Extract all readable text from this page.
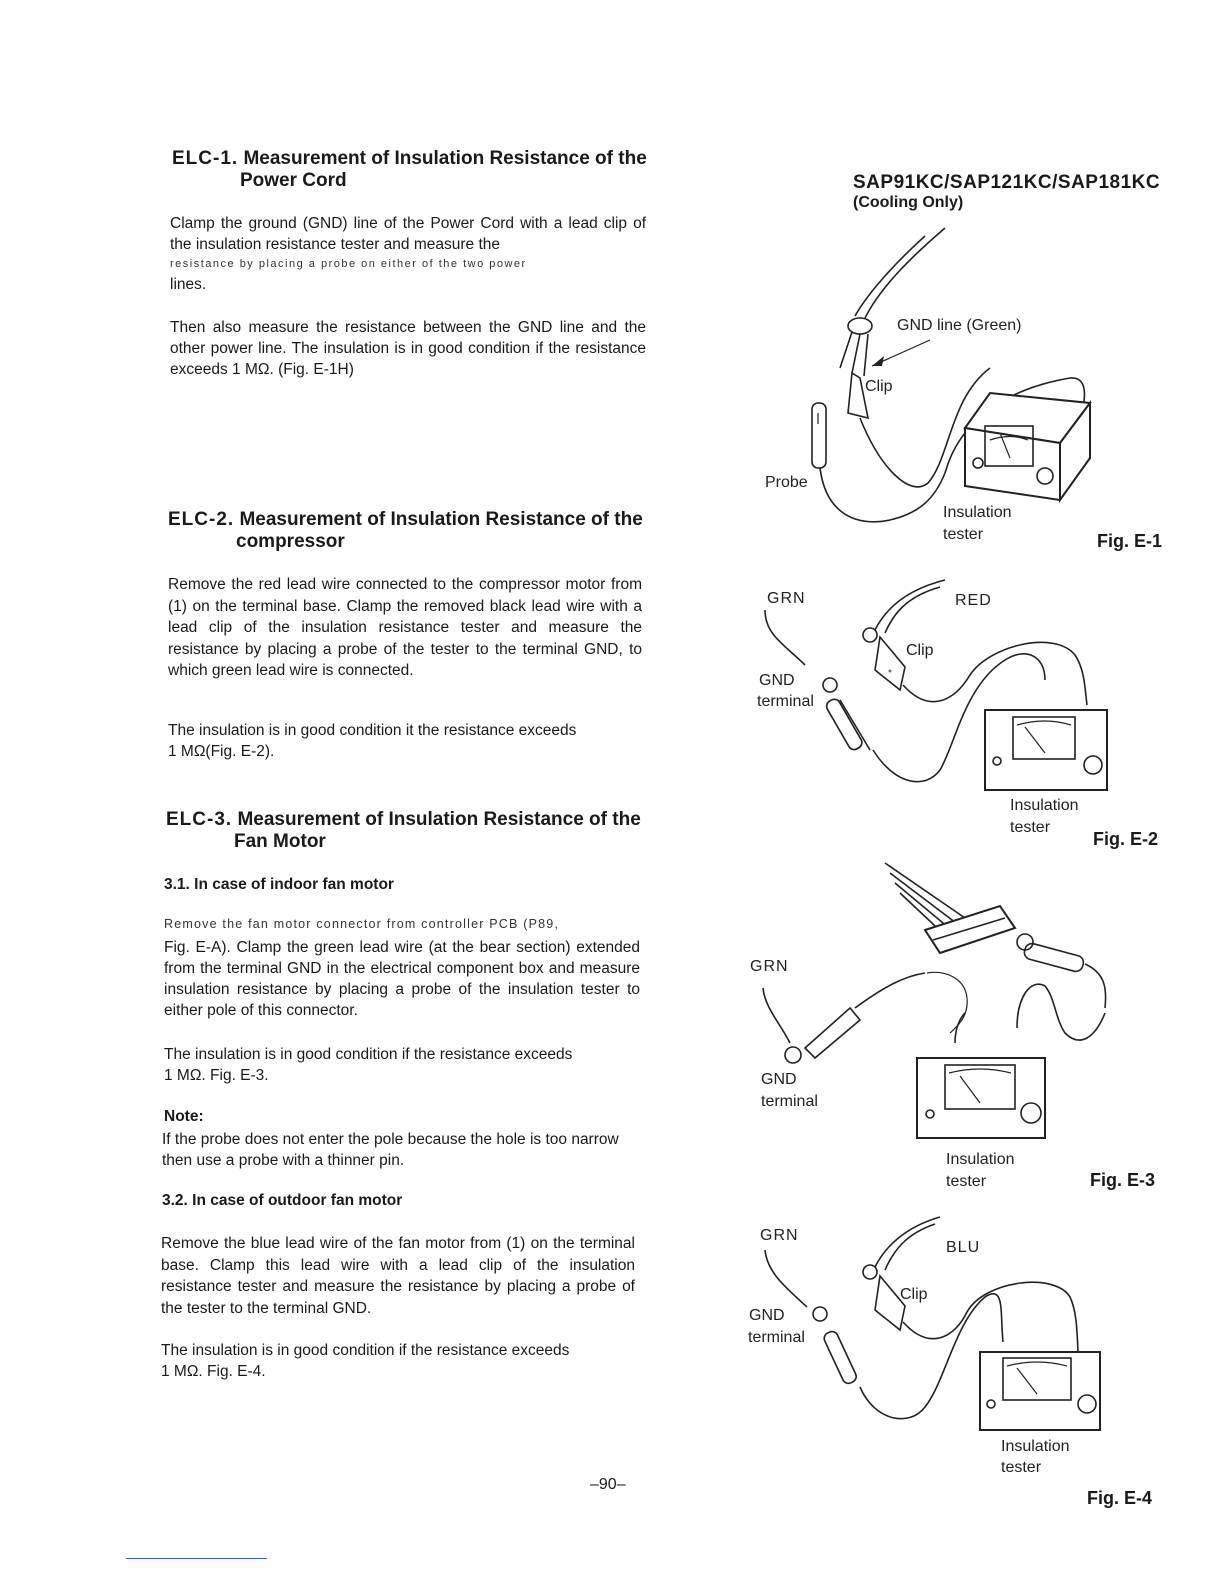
ELC-1. Measurement of Insulation Resistance of the
Power Cord
Clamp the ground (GND) line of the Power Cord with a lead clip of the insulation resistance tester and measure the
resistance by placing a probe on either of the two power
lines.
Then also measure the resistance between the GND line and the other power line. The insulation is in good condition if the resistance exceeds 1 MΩ. (Fig. E-1H)
ELC-2. Measurement of Insulation Resistance of the
compressor
Remove the red lead wire connected to the compressor motor from (1) on the terminal base. Clamp the removed black lead wire with a lead clip of the insulation resistance tester and measure the resistance by placing a probe of the tester to the terminal GND, to which green lead wire is connected.
The insulation is in good condition it the resistance exceeds
1 MΩ(Fig. E-2).
ELC-3. Measurement of Insulation Resistance of the
Fan Motor
3.1. In case of indoor fan motor
Remove the fan motor connector from controller PCB (P89,
Fig. E-A). Clamp the green lead wire (at the bear section) extended from the terminal GND in the electrical component box and measure insulation resistance by placing a probe of the insulation tester to either pole of this connector.
The insulation is in good condition if the resistance exceeds
1 MΩ. Fig. E-3.
Note:
If the probe does not enter the pole because the hole is too narrow then use a probe with a thinner pin.
3.2. In case of outdoor fan motor
Remove the blue lead wire of the fan motor from (1) on the terminal base. Clamp this lead wire with a lead clip of the insulation resistance tester and measure the resistance by placing a probe of the tester to the terminal GND.
The insulation is in good condition if the resistance exceeds
1 MΩ. Fig. E-4.
–90–
SAP91KC/SAP121KC/SAP181KC
(Cooling Only)
GND line (Green)
Clip
Probe
Insulation
tester	Fig. E-1
GRN	RED
Clip
GND
terminal
Insulation
tester
Fig. E-2
GRN
GND
terminal
Insulation
tester	Fig. E-3
GRN
BLU
Clip
GND
terminal
Insulation
tester
Fig. E-4
